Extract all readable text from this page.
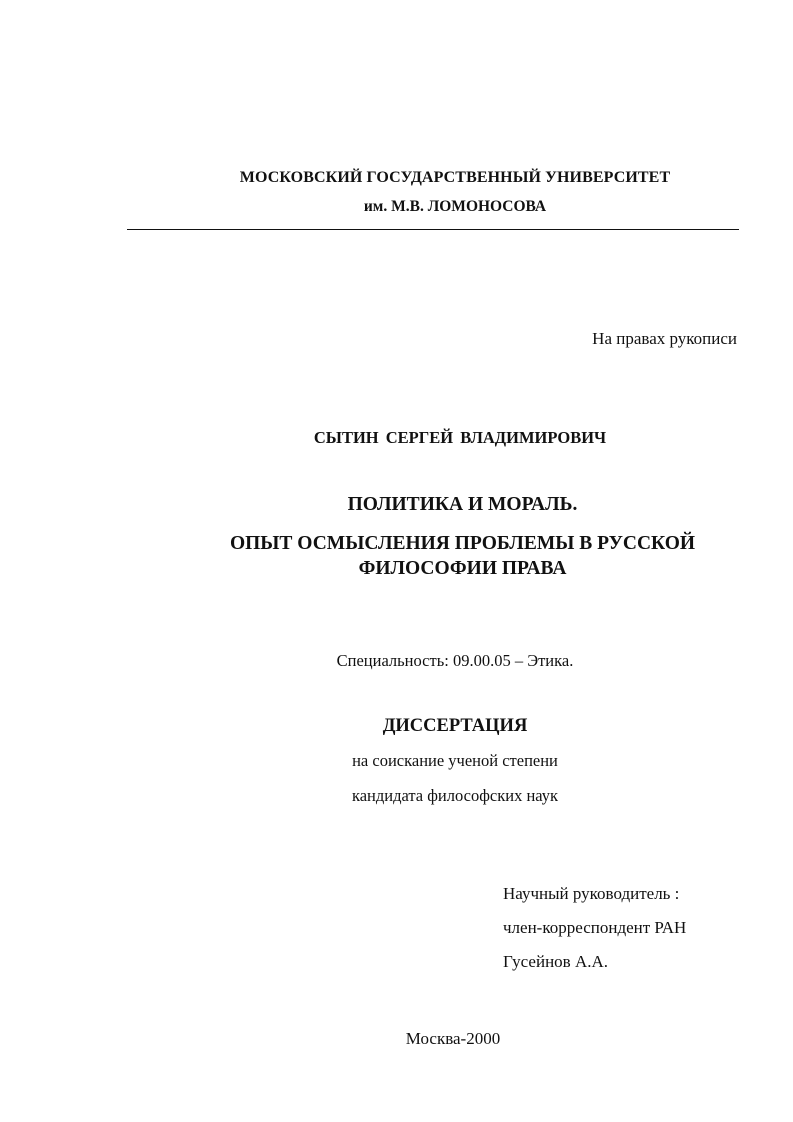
МОСКОВСКИЙ ГОСУДАРСТВЕННЫЙ УНИВЕРСИТЕТ
им. М.В. ЛОМОНОСОВА
На правах рукописи
СЫТИН СЕРГЕЙ ВЛАДИМИРОВИЧ
ПОЛИТИКА И МОРАЛЬ.
ОПЫТ ОСМЫСЛЕНИЯ ПРОБЛЕМЫ В РУССКОЙ
ФИЛОСОФИИ ПРАВА
Специальность: 09.00.05 – Этика.
ДИССЕРТАЦИЯ
на соискание ученой степени
кандидата философских наук
Научный руководитель :
член-корреспондент РАН
Гусейнов А.А.
Москва-2000
